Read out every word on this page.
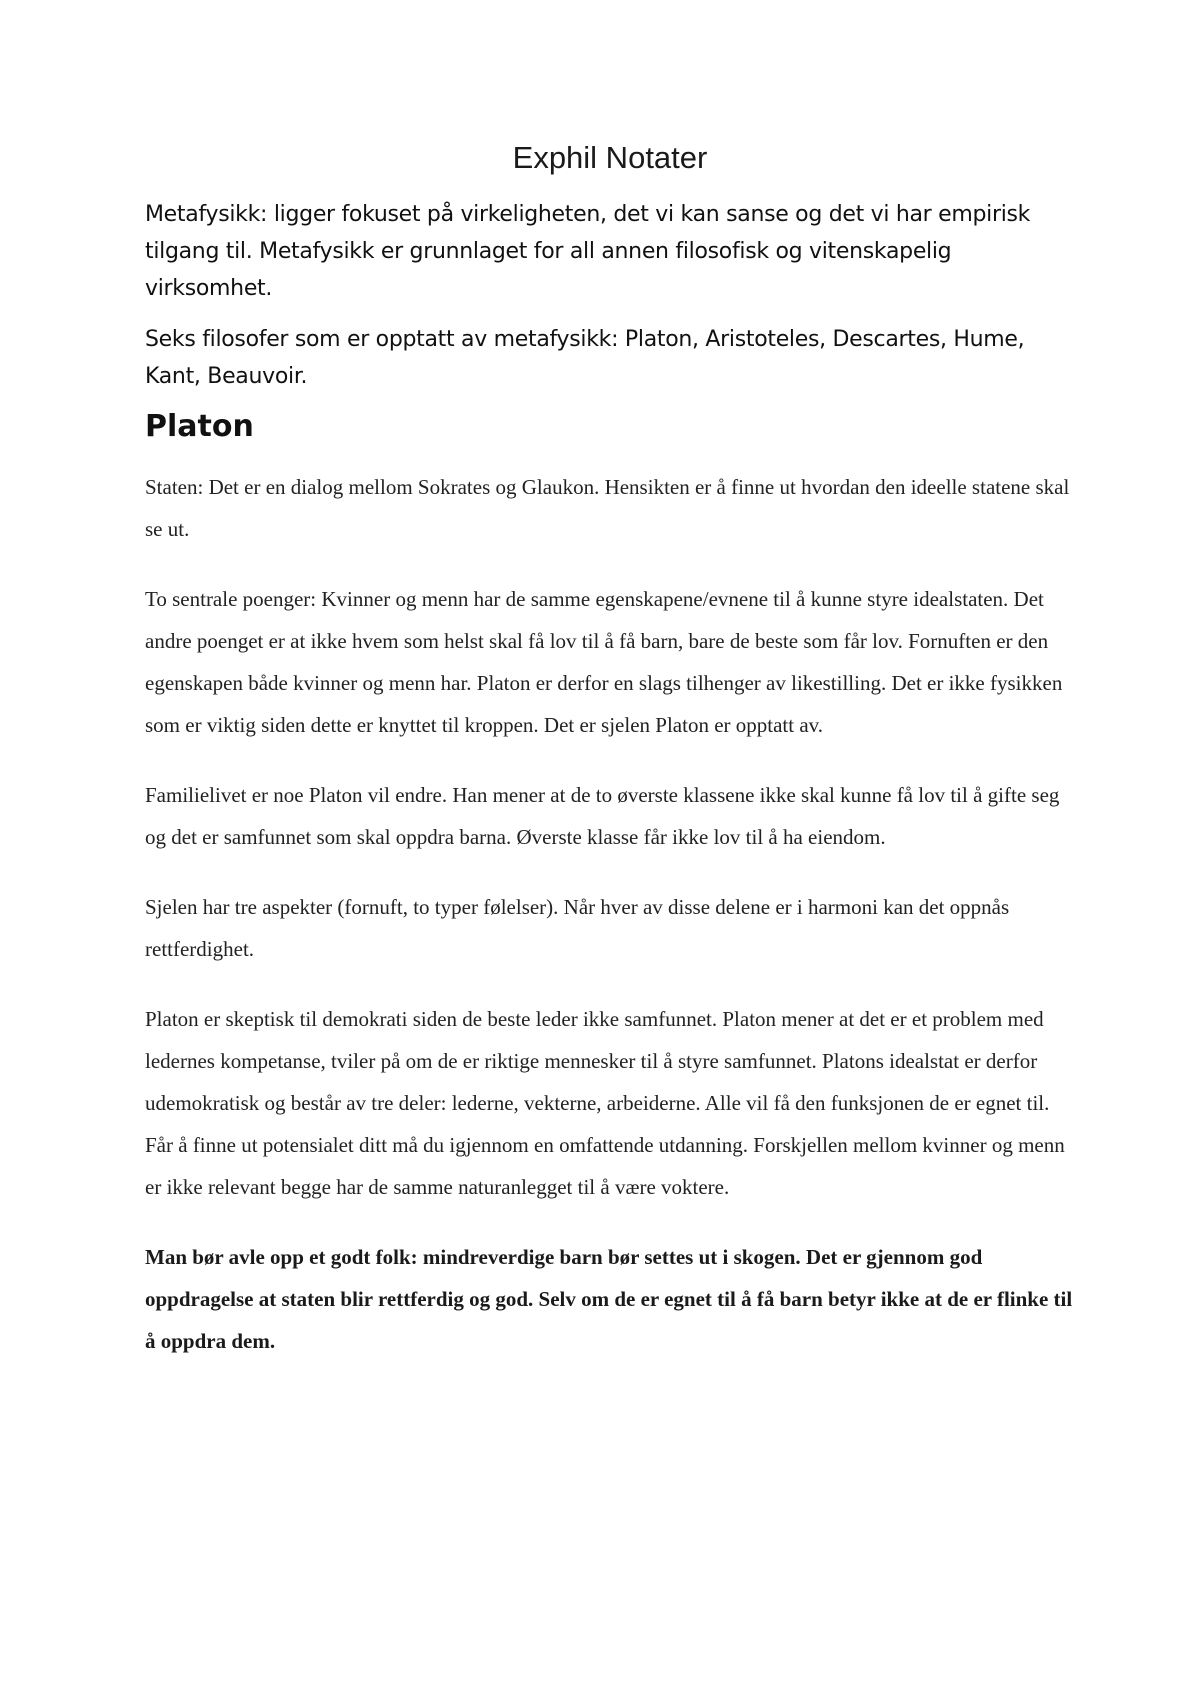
Exphil Notater

Metafysikk: ligger fokuset på virkeligheten, det vi kan sanse og det vi har empirisk tilgang til. Metafysikk er grunnlaget for all annen filosofisk og vitenskapelig virksomhet.

Seks filosofer som er opptatt av metafysikk: Platon, Aristoteles, Descartes, Hume, Kant, Beauvoir.

Platon

Staten: Det er en dialog mellom Sokrates og Glaukon. Hensikten er å finne ut hvordan den ideelle statene skal se ut.

To sentrale poenger: Kvinner og menn har de samme egenskapene/evnene til å kunne styre idealstaten. Det andre poenget er at ikke hvem som helst skal få lov til å få barn, bare de beste som får lov. Fornuften er den egenskapen både kvinner og menn har. Platon er derfor en slags tilhenger av likestilling. Det er ikke fysikken som er viktig siden dette er knyttet til kroppen. Det er sjelen Platon er opptatt av.

Familielivet er noe Platon vil endre. Han mener at de to øverste klassene ikke skal kunne få lov til å gifte seg og det er samfunnet som skal oppdra barna. Øverste klasse får ikke lov til å ha eiendom.

Sjelen har tre aspekter (fornuft, to typer følelser). Når hver av disse delene er i harmoni kan det oppnås rettferdighet.

Platon er skeptisk til demokrati siden de beste leder ikke samfunnet. Platon mener at det er et problem med ledernes kompetanse, tviler på om de er riktige mennesker til å styre samfunnet. Platons idealstat er derfor udemokratisk og består av tre deler: lederne, vekterne, arbeiderne. Alle vil få den funksjonen de er egnet til. Får å finne ut potensialet ditt må du igjennom en omfattende utdanning. Forskjellen mellom kvinner og menn er ikke relevant begge har de samme naturanlegget til å være voktere.

Man bør avle opp et godt folk: mindreverdige barn bør settes ut i skogen. Det er gjennom god oppdragelse at staten blir rettferdig og god. Selv om de er egnet til å få barn betyr ikke at de er flinke til å oppdra dem.
